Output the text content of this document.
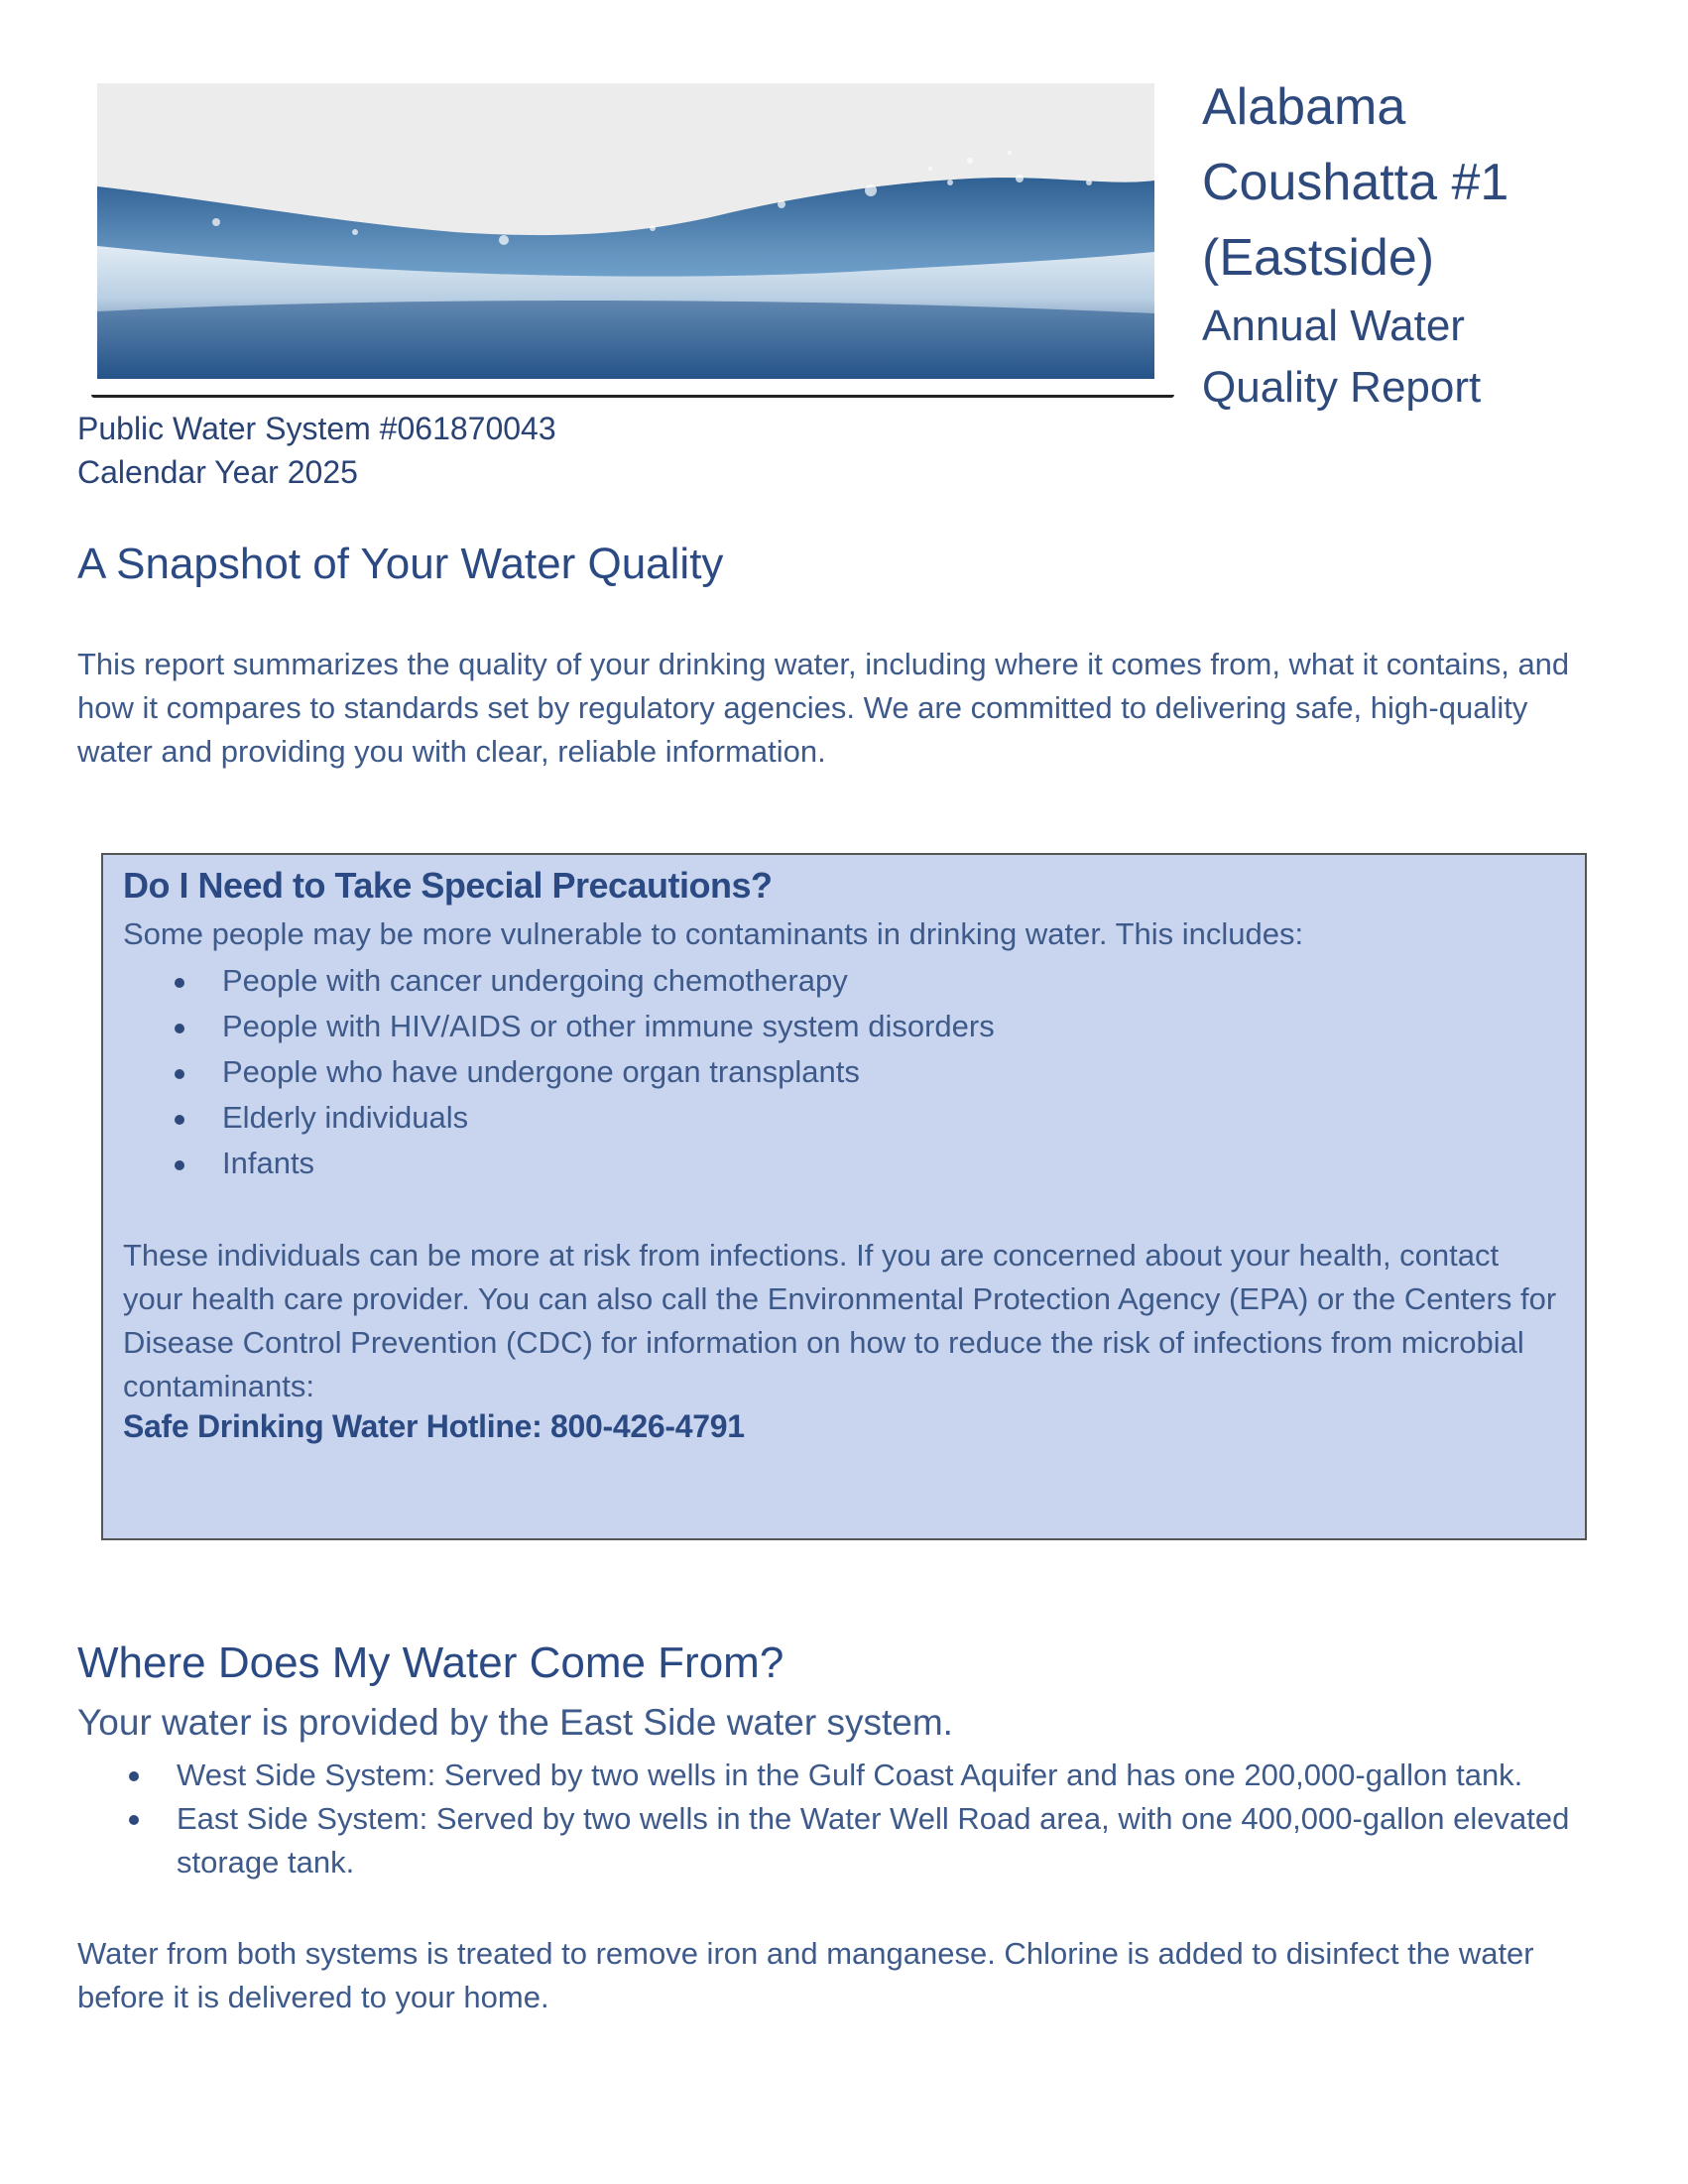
Alabama
Coushatta #1
(Eastside)
Annual Water
Quality Report
Public Water System #061870043
Calendar Year 2025
A Snapshot of Your Water Quality

This report summarizes the quality of your drinking water, including where it comes from, what it contains, and how it compares to standards set by regulatory agencies. We are committed to delivering safe, high-quality water and providing you with clear, reliable information.

Do I Need to Take Special Precautions?
Some people may be more vulnerable to contaminants in drinking water. This includes:
People with cancer undergoing chemotherapy
People with HIV/AIDS or other immune system disorders
People who have undergone organ transplants
Elderly individuals
Infants

These individuals can be more at risk from infections. If you are concerned about your health, contact your health care provider. You can also call the Environmental Protection Agency (EPA) or the Centers for Disease Control Prevention (CDC) for information on how to reduce the risk of infections from microbial contaminants:

Safe Drinking Water Hotline: 800-426-4791
Where Does My Water Come From?
Your water is provided by the East Side water system.
West Side System: Served by two wells in the Gulf Coast Aquifer and has one 200,000-gallon tank.
East Side System: Served by two wells in the Water Well Road area, with one 400,000-gallon elevated storage tank.

Water from both systems is treated to remove iron and manganese. Chlorine is added to disinfect the water before it is delivered to your home.
